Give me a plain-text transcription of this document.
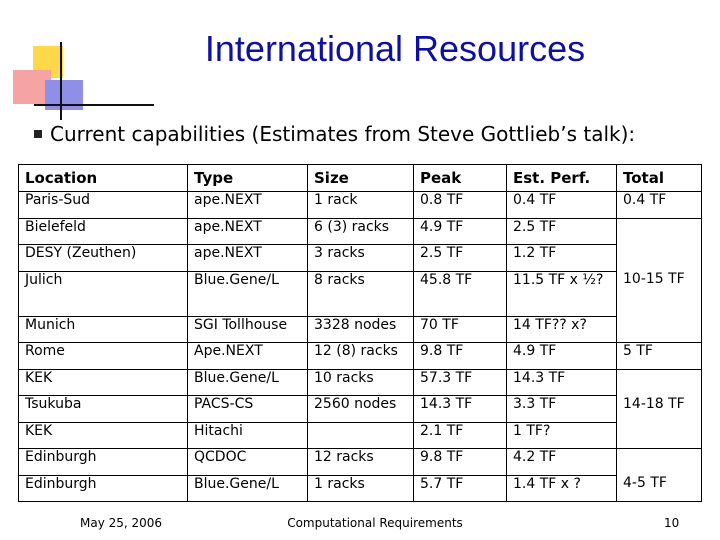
International Resources
Current capabilities (Estimates from Steve Gottlieb’s talk):
Location	Type	Size	Peak	Est. Perf.	Total
Paris-Sud	ape.NEXT	1 rack	0.8 TF	0.4 TF	0.4 TF
Bielefeld	ape.NEXT	6 (3) racks	4.9 TF	2.5 TF	
DESY (Zeuthen)	ape.NEXT	3 racks	2.5 TF	1.2 TF	
Julich	Blue.Gene/L	8 racks	45.8 TF	11.5 TF x ½?	10-15 TF
Munich	SGI Tollhouse	3328 nodes	70 TF	14 TF?? x?	
Rome	Ape.NEXT	12 (8) racks	9.8 TF	4.9 TF	5 TF
KEK	Blue.Gene/L	10 racks	57.3 TF	14.3 TF	
Tsukuba	PACS-CS	2560 nodes	14.3 TF	3.3 TF	14-18 TF
KEK	Hitachi		2.1 TF	1 TF?	
Edinburgh	QCDOC	12 racks	9.8 TF	4.2 TF	
Edinburgh	Blue.Gene/L	1 racks	5.7 TF	1.4 TF x ?	4-5 TF
May 25, 2006	Computational Requirements	10
